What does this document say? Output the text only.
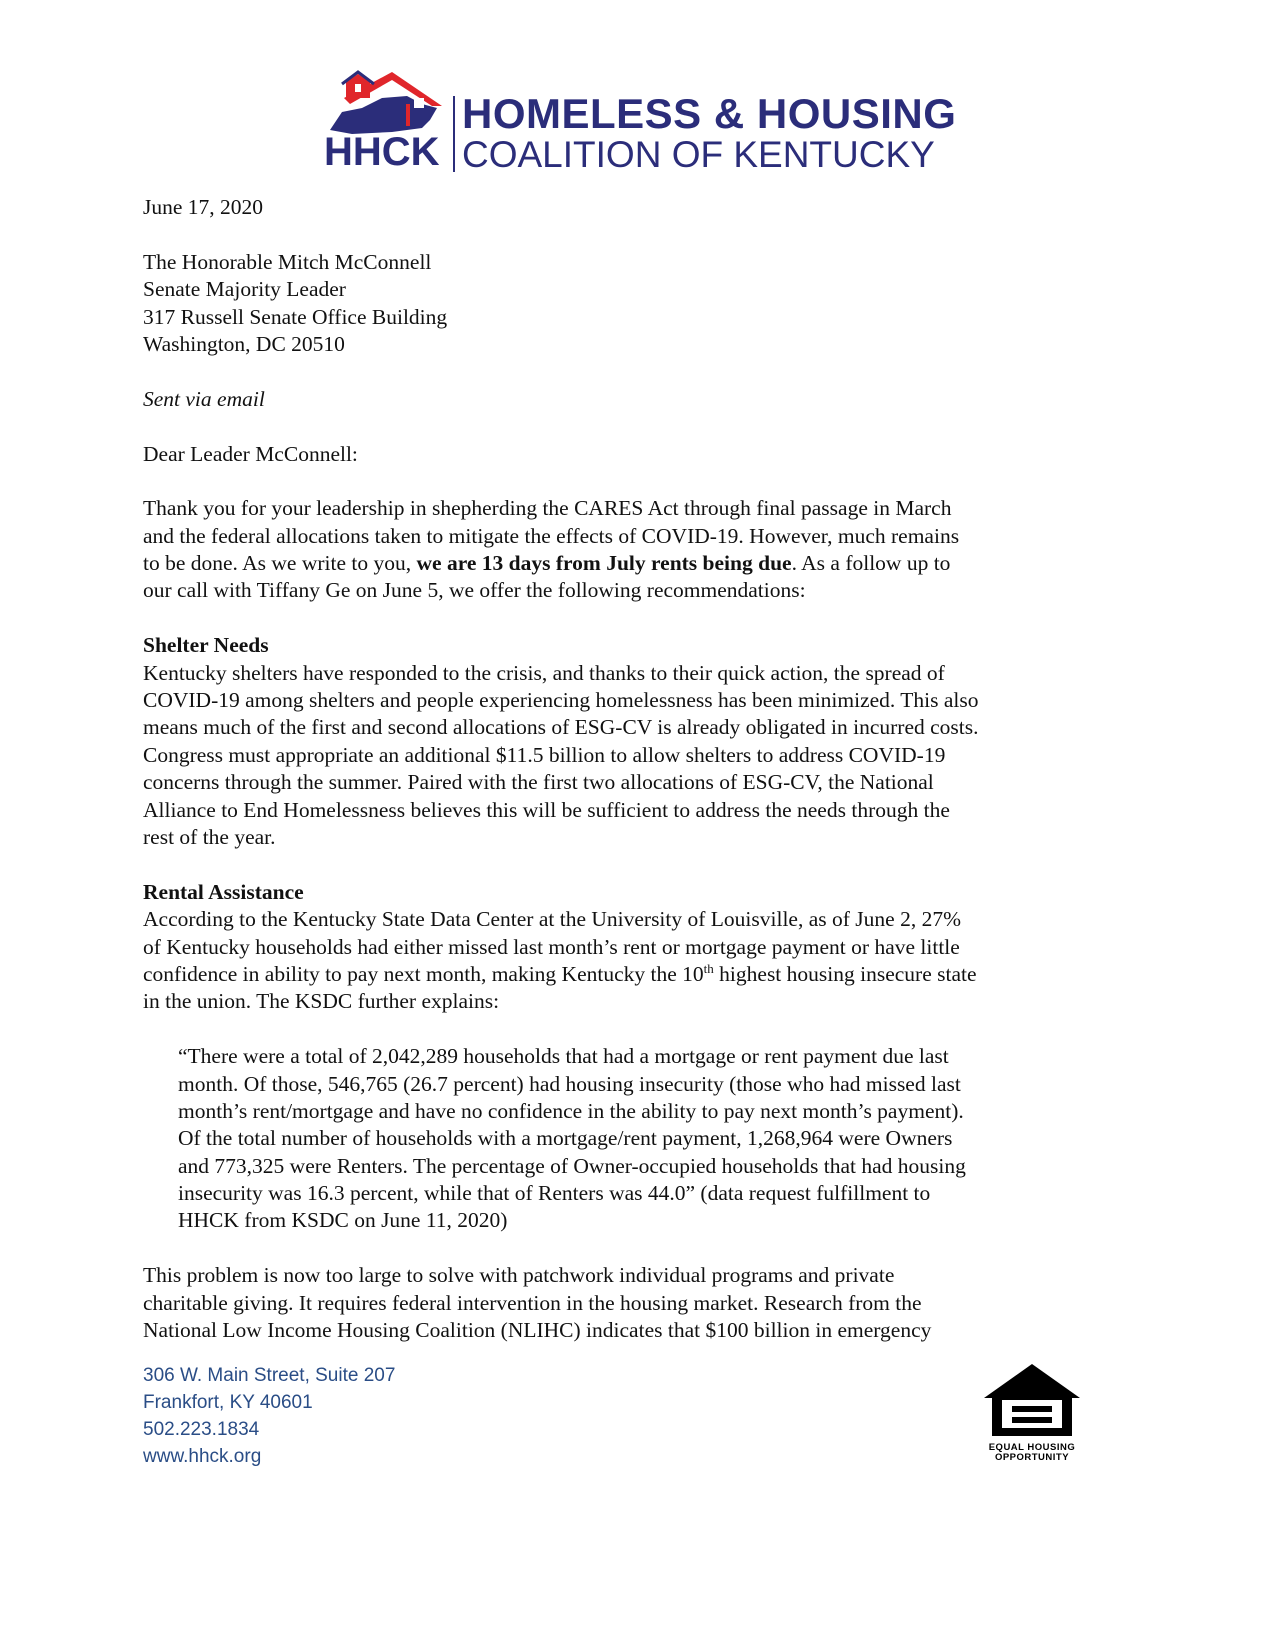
HHCK
HOMELESS & HOUSING
COALITION OF KENTUCKY
June 17, 2020
The Honorable Mitch McConnell
Senate Majority Leader
317 Russell Senate Office Building
Washington, DC 20510
Sent via email
Dear Leader McConnell:
Thank you for your leadership in shepherding the CARES Act through final passage in March
and the federal allocations taken to mitigate the effects of COVID-19. However, much remains
to be done. As we write to you, we are 13 days from July rents being due. As a follow up to
our call with Tiffany Ge on June 5, we offer the following recommendations:
Shelter Needs
Kentucky shelters have responded to the crisis, and thanks to their quick action, the spread of
COVID-19 among shelters and people experiencing homelessness has been minimized. This also
means much of the first and second allocations of ESG-CV is already obligated in incurred costs.
Congress must appropriate an additional $11.5 billion to allow shelters to address COVID-19
concerns through the summer. Paired with the first two allocations of ESG-CV, the National
Alliance to End Homelessness believes this will be sufficient to address the needs through the
rest of the year.
Rental Assistance
According to the Kentucky State Data Center at the University of Louisville, as of June 2, 27%
of Kentucky households had either missed last month’s rent or mortgage payment or have little
confidence in ability to pay next month, making Kentucky the 10th highest housing insecure state
in the union. The KSDC further explains:
“There were a total of 2,042,289 households that had a mortgage or rent payment due last
month. Of those, 546,765 (26.7 percent) had housing insecurity (those who had missed last
month’s rent/mortgage and have no confidence in the ability to pay next month’s payment).
Of the total number of households with a mortgage/rent payment, 1,268,964 were Owners
and 773,325 were Renters. The percentage of Owner-occupied households that had housing
insecurity was 16.3 percent, while that of Renters was 44.0” (data request fulfillment to
HHCK from KSDC on June 11, 2020)
This problem is now too large to solve with patchwork individual programs and private
charitable giving. It requires federal intervention in the housing market. Research from the
National Low Income Housing Coalition (NLIHC) indicates that $100 billion in emergency
306 W. Main Street, Suite 207
Frankfort, KY 40601
502.223.1834
www.hhck.org	EQUAL HOUSING
OPPORTUNITY
